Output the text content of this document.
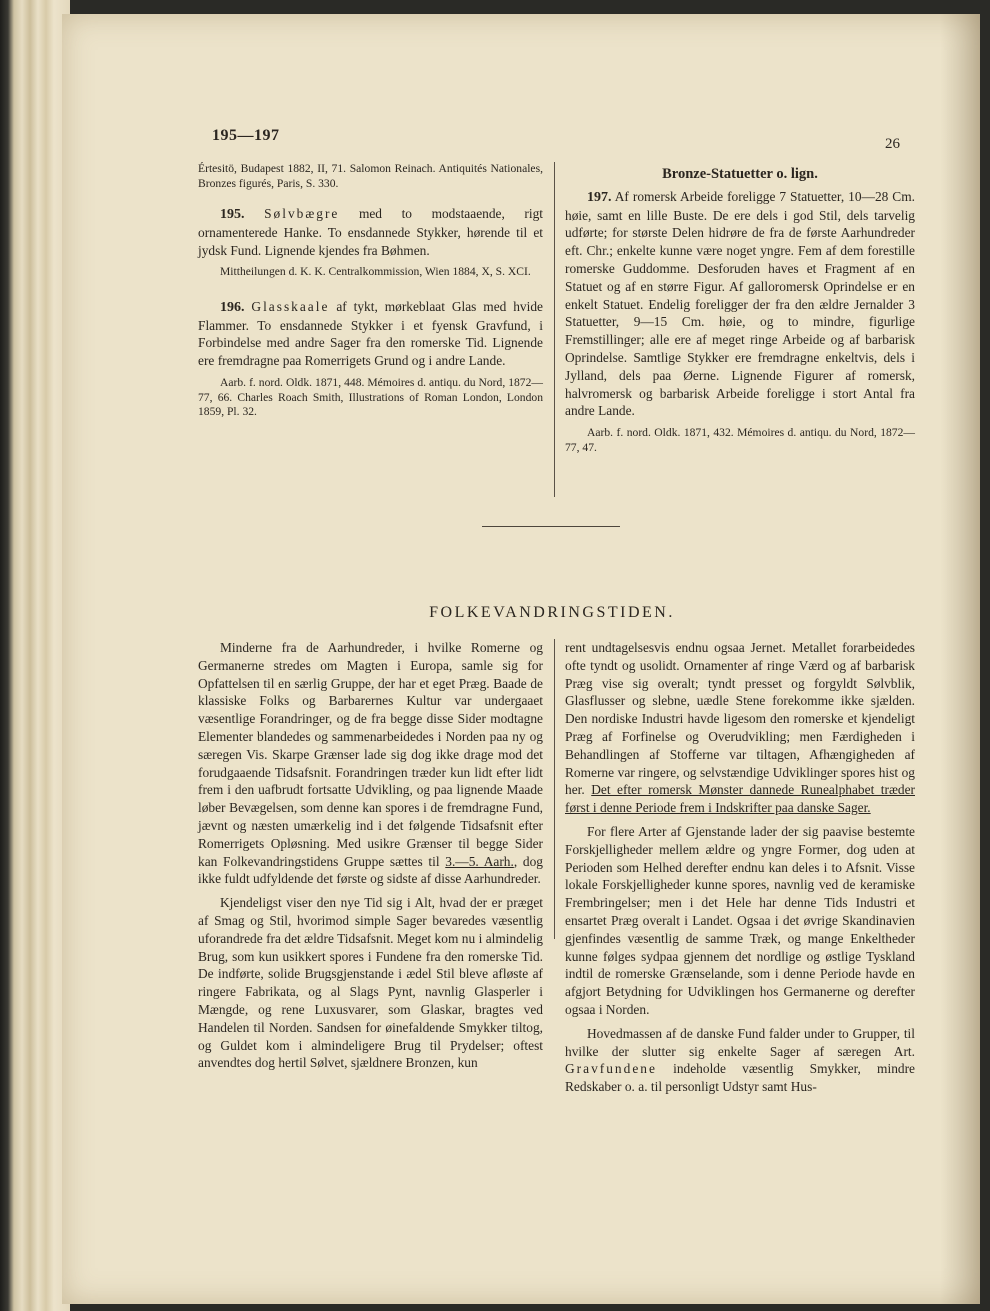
195—197	26

Értesitö, Budapest 1882, II, 71. Salomon Reinach. Antiquités Nationales, Bronzes figurés, Paris, S. 330.

195. Sølvbægre med to modstaaende, rigt ornamenterede Hanke. To ensdannede Stykker, hørende til et jydsk Fund. Lignende kjendes fra Bøhmen.

Mittheilungen d. K. K. Centralkommission, Wien 1884, X, S. XCI.

196. Glasskaale af tykt, mørkeblaat Glas med hvide Flammer. To ensdannede Stykker i et fyensk Gravfund, i Forbindelse med andre Sager fra den romerske Tid. Lignende ere fremdragne paa Romerrigets Grund og i andre Lande.

Aarb. f. nord. Oldk. 1871, 448. Mémoires d. antiqu. du Nord, 1872—77, 66. Charles Roach Smith, Illustrations of Roman London, London 1859, Pl. 32.

Bronze-Statuetter o. lign.

197. Af romersk Arbeide foreligge 7 Statuetter, 10—28 Cm. høie, samt en lille Buste. De ere dels i god Stil, dels tarvelig udførte; for største Delen hidrøre de fra de første Aarhundreder eft. Chr.; enkelte kunne være noget yngre. Fem af dem forestille romerske Guddomme. Desforuden haves et Fragment af en Statuet og af en større Figur. Af galloromersk Oprindelse er en enkelt Statuet. Endelig foreligger der fra den ældre Jernalder 3 Statuetter, 9—15 Cm. høie, og to mindre, figurlige Fremstillinger; alle ere af meget ringe Arbeide og af barbarisk Oprindelse. Samtlige Stykker ere fremdragne enkeltvis, dels i Jylland, dels paa Øerne. Lignende Figurer af romersk, halvromersk og barbarisk Arbeide foreligge i stort Antal fra andre Lande.

Aarb. f. nord. Oldk. 1871, 432. Mémoires d. antiqu. du Nord, 1872—77, 47.

FOLKEVANDRINGSTIDEN.

Minderne fra de Aarhundreder, i hvilke Romerne og Germanerne stredes om Magten i Europa, samle sig for Opfattelsen til en særlig Gruppe, der har et eget Præg. Baade de klassiske Folks og Barbarernes Kultur var undergaaet væsentlige Forandringer, og de fra begge disse Sider modtagne Elementer blandedes og sammenarbeidedes i Norden paa ny og særegen Vis. Skarpe Grænser lade sig dog ikke drage mod det forudgaaende Tidsafsnit. Forandringen træder kun lidt efter lidt frem i den uafbrudt fortsatte Udvikling, og paa lignende Maade løber Bevægelsen, som denne kan spores i de fremdragne Fund, jævnt og næsten umærkelig ind i det følgende Tidsafsnit efter Romerrigets Opløsning. Med usikre Grænser til begge Sider kan Folkevandringstidens Gruppe sættes til 3.—5. Aarh., dog ikke fuldt udfyldende det første og sidste af disse Aarhundreder.

Kjendeligst viser den nye Tid sig i Alt, hvad der er præget af Smag og Stil, hvorimod simple Sager bevaredes væsentlig uforandrede fra det ældre Tidsafsnit. Meget kom nu i almindelig Brug, som kun usikkert spores i Fundene fra den romerske Tid. De indførte, solide Brugsgjenstande i ædel Stil bleve afløste af ringere Fabrikata, og al Slags Pynt, navnlig Glasperler i Mængde, og rene Luxusvarer, som Glaskar, bragtes ved Handelen til Norden. Sandsen for øinefaldende Smykker tiltog, og Guldet kom i almindeligere Brug til Prydelser; oftest anvendtes dog hertil Sølvet, sjældnere Bronzen, kun

rent undtagelsesvis endnu ogsaa Jernet. Metallet forarbeidedes ofte tyndt og usolidt. Ornamenter af ringe Værd og af barbarisk Præg vise sig overalt; tyndt presset og forgyldt Sølvblik, Glasflusser og slebne, uædle Stene forekomme ikke sjælden. Den nordiske Industri havde ligesom den romerske et kjendeligt Præg af Forfinelse og Overudvikling; men Færdigheden i Behandlingen af Stofferne var tiltagen, Afhængigheden af Romerne var ringere, og selvstændige Udviklinger spores hist og her. Det efter romersk Mønster dannede Runealphabet træder først i denne Periode frem i Indskrifter paa danske Sager.

For flere Arter af Gjenstande lader der sig paavise bestemte Forskjelligheder mellem ældre og yngre Former, dog uden at Perioden som Helhed derefter endnu kan deles i to Afsnit. Visse lokale Forskjelligheder kunne spores, navnlig ved de keramiske Frembringelser; men i det Hele har denne Tids Industri et ensartet Præg overalt i Landet. Ogsaa i det øvrige Skandinavien gjenfindes væsentlig de samme Træk, og mange Enkeltheder kunne følges sydpaa gjennem det nordlige og østlige Tyskland indtil de romerske Grænselande, som i denne Periode havde en afgjort Betydning for Udviklingen hos Germanerne og derefter ogsaa i Norden.

Hovedmassen af de danske Fund falder under to Grupper, til hvilke der slutter sig enkelte Sager af særegen Art. Gravfundene indeholde væsentlig Smykker, mindre Redskaber o. a. til personligt Udstyr samt Hus-
